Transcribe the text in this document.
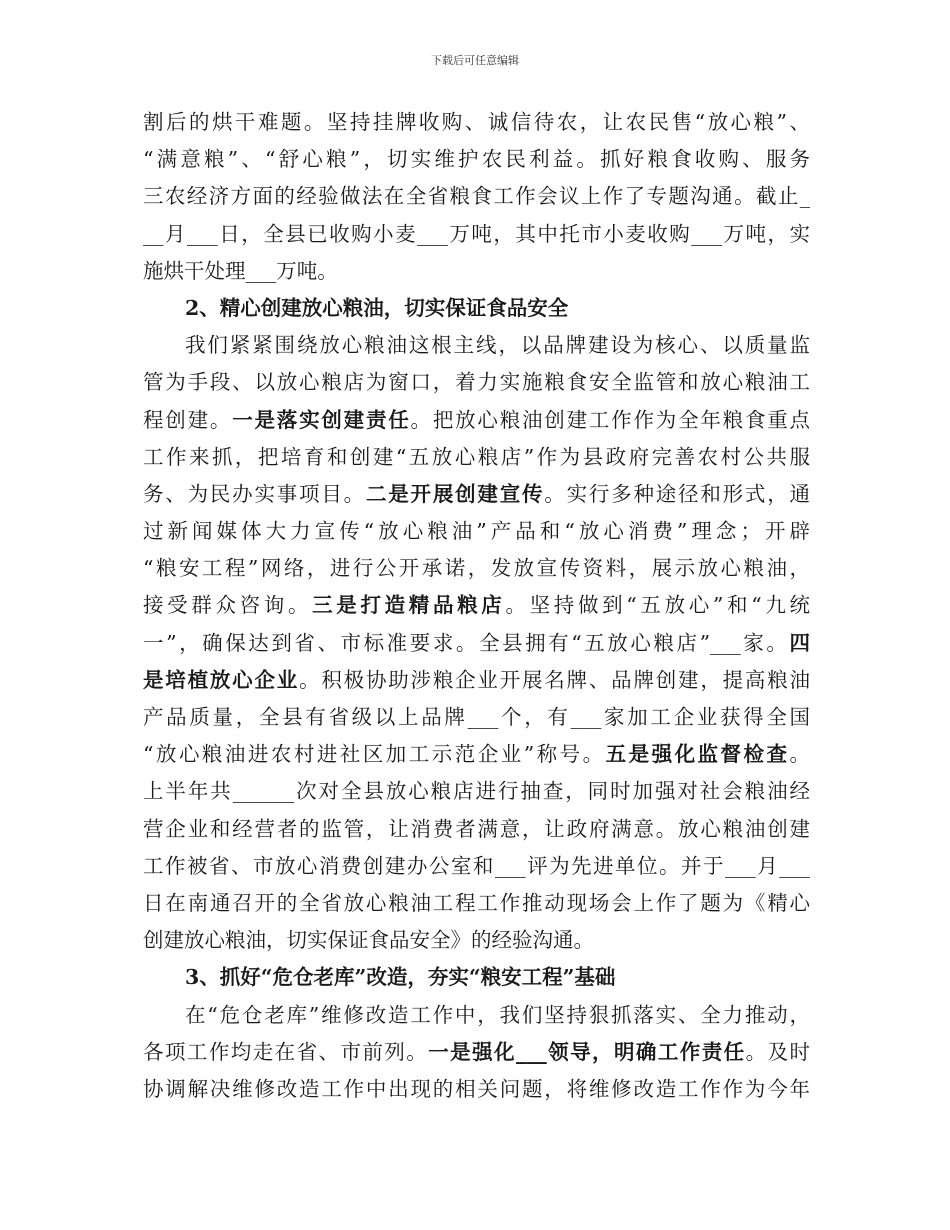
下载后可任意编辑
割后的烘干难题。坚持挂牌收购、诚信待农，让农民售“放心粮”、
“满意粮”、“舒心粮”，切实维护农民利益。抓好粮食收购、服务
三农经济方面的经验做法在全省粮食工作会议上作了专题沟通。截止_
__月___日，全县已收购小麦___万吨，其中托市小麦收购___万吨，实
施烘干处理___万吨。
2、精心创建放心粮油，切实保证食品安全
我们紧紧围绕放心粮油这根主线，以品牌建设为核心、以质量监
管为手段、以放心粮店为窗口，着力实施粮食安全监管和放心粮油工
程创建。一是落实创建责任。把放心粮油创建工作作为全年粮食重点
工作来抓，把培育和创建“五放心粮店”作为县政府完善农村公共服
务、为民办实事项目。二是开展创建宣传。实行多种途径和形式，通
过新闻媒体大力宣传“放心粮油”产品和“放心消费”理念；开辟
“粮安工程”网络，进行公开承诺，发放宣传资料，展示放心粮油，
接受群众咨询。三是打造精品粮店。坚持做到“五放心”和“九统
一”，确保达到省、市标准要求。全县拥有“五放心粮店”___家。四
是培植放心企业。积极协助涉粮企业开展名牌、品牌创建，提高粮油
产品质量，全县有省级以上品牌___个，有___家加工企业获得全国
“放心粮油进农村进社区加工示范企业”称号。五是强化监督检查。
上半年共______次对全县放心粮店进行抽查，同时加强对社会粮油经
营企业和经营者的监管，让消费者满意，让政府满意。放心粮油创建
工作被省、市放心消费创建办公室和___评为先进单位。并于___月___
日在南通召开的全省放心粮油工程工作推动现场会上作了题为《精心
创建放心粮油，切实保证食品安全》的经验沟通。
3、抓好“危仓老库”改造，夯实“粮安工程”基础
在“危仓老库”维修改造工作中，我们坚持狠抓落实、全力推动，
各项工作均走在省、市前列。一是强化___领导，明确工作责任。及时
协调解决维修改造工作中出现的相关问题，将维修改造工作作为今年
